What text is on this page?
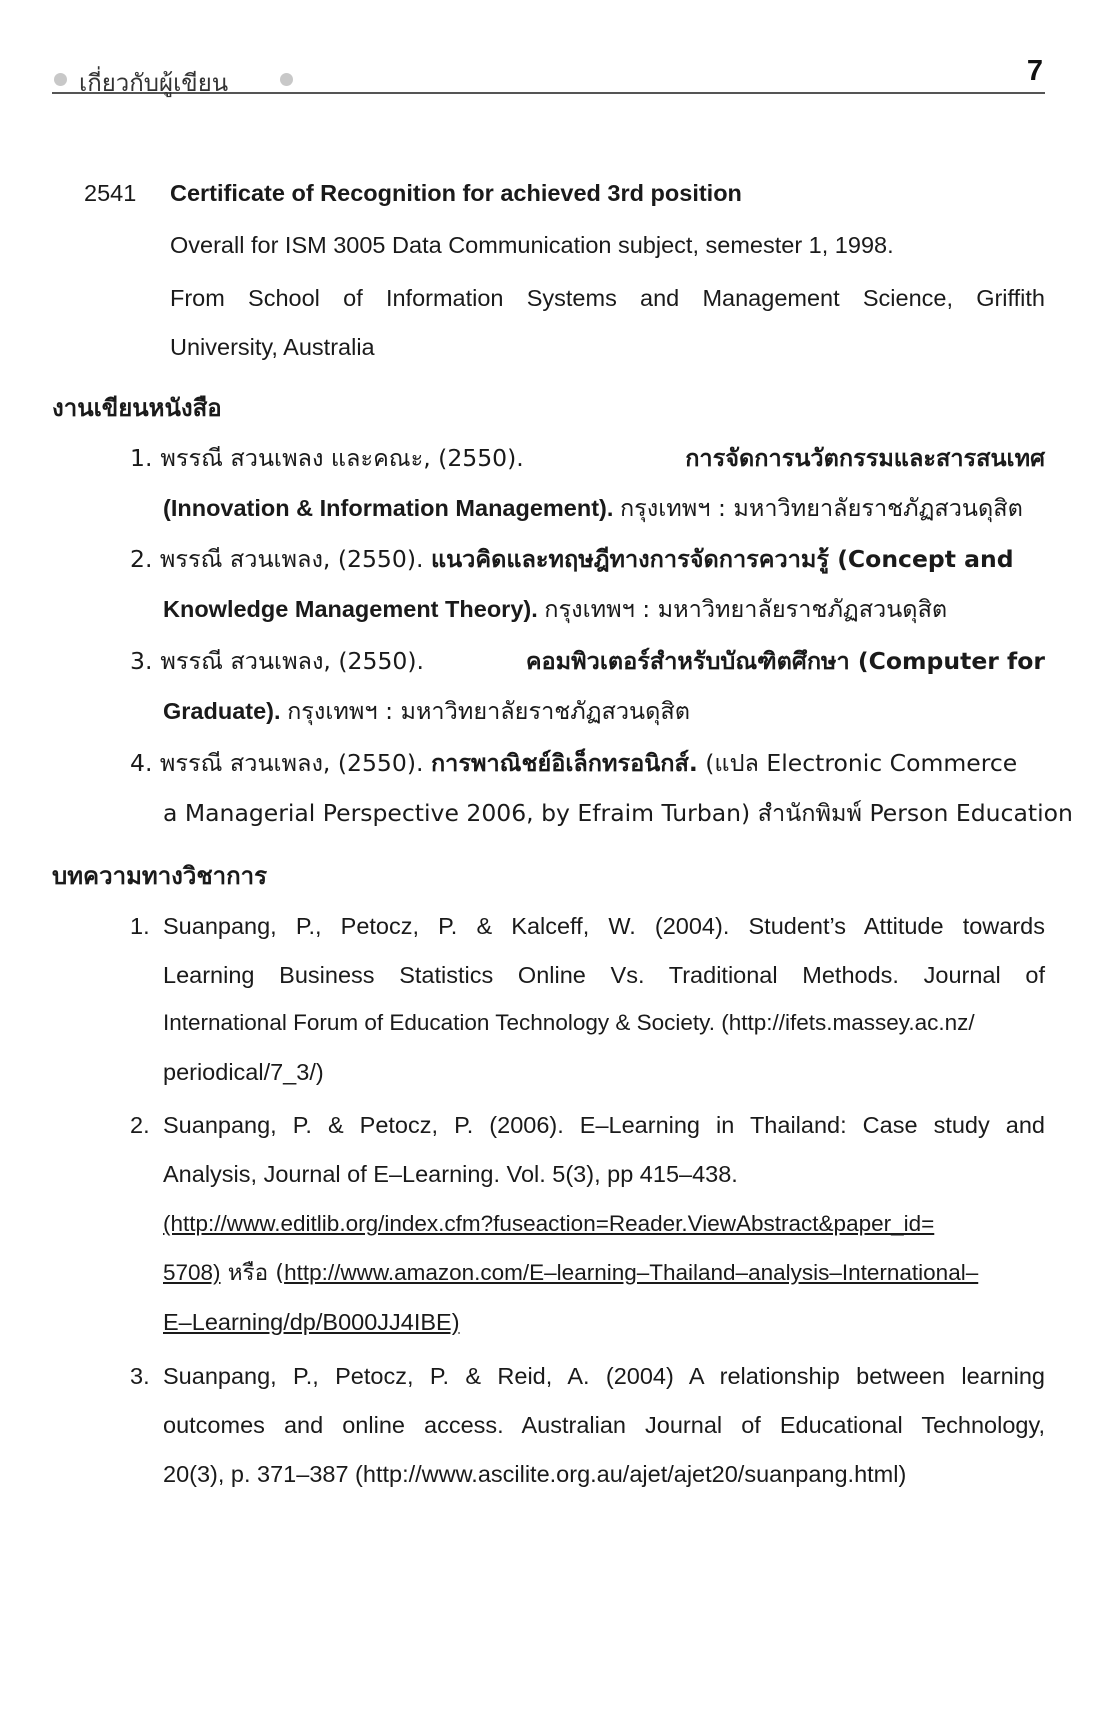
เกี่ยวกับผู้เขียน	7
2541 Certificate of Recognition for achieved 3rd position
Overall for ISM 3005 Data Communication subject, semester 1, 1998.
From School of Information Systems and Management Science, Griffith
University, Australia
งานเขียนหนังสือ
1. พรรณี สวนเพลง และคณะ, (2550).	การจัดการนวัตกรรมและสารสนเทศ
(Innovation & Information Management). กรุงเทพฯ : มหาวิทยาลัยราชภัฏสวนดุสิต
2. พรรณี สวนเพลง, (2550). แนวคิดและทฤษฎีทางการจัดการความรู้ (Concept and
Knowledge Management Theory). กรุงเทพฯ : มหาวิทยาลัยราชภัฏสวนดุสิต
3. พรรณี สวนเพลง, (2550).	คอมพิวเตอร์สำหรับบัณฑิตศึกษา (Computer for
Graduate). กรุงเทพฯ : มหาวิทยาลัยราชภัฏสวนดุสิต
4. พรรณี สวนเพลง, (2550). การพาณิชย์อิเล็กทรอนิกส์. (แปล Electronic Commerce
a Managerial Perspective 2006, by Efraim Turban) สำนักพิมพ์ Person Education
บทความทางวิชาการ
1. Suanpang, P., Petocz, P. & Kalceff, W. (2004). Student’s Attitude towards
Learning Business Statistics Online Vs. Traditional Methods. Journal of
International Forum of Education Technology & Society. (http://ifets.massey.ac.nz/
periodical/7_3/)
2. Suanpang, P. & Petocz, P. (2006). E–Learning in Thailand: Case study and
Analysis, Journal of E–Learning. Vol. 5(3), pp 415–438.
(http://www.editlib.org/index.cfm?fuseaction=Reader.ViewAbstract&paper_id=
5708) หรือ (http://www.amazon.com/E–learning–Thailand–analysis–International–
E–Learning/dp/B000JJ4IBE)
3. Suanpang, P., Petocz, P. & Reid, A. (2004) A relationship between learning
outcomes and online access. Australian Journal of Educational Technology,
20(3), p. 371–387 (http://www.ascilite.org.au/ajet/ajet20/suanpang.html)
